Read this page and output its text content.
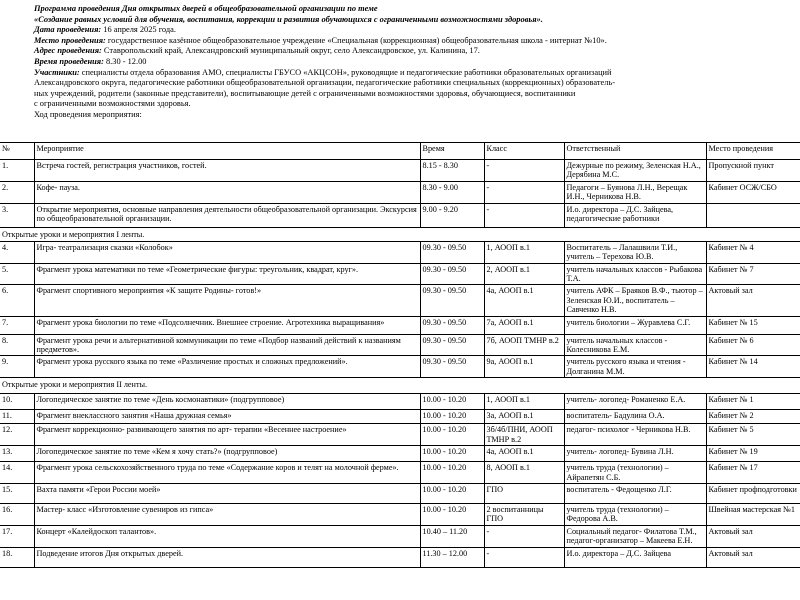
Программа проведения Дня открытых дверей в общеобразовательной организации по теме

«Создание равных условий для обучения, воспитания, коррекции и развития обучающихся с ограниченными возможностями здоровья».

Дата проведения: 16 апреля 2025 года.

Место проведения: государственное казённое общеобразовательное учреждение «Специальная (коррекционная) общеобразовательная школа - интернат №10».

Адрес проведения: Ставропольский край, Александровский муниципальный округ, село Александровское, ул. Калинина, 17.

Время проведения: 8.30 - 12.00

Участники: специалисты отдела образования АМО, специалисты ГБУСО «АКЦСОН», руководящие и педагогические работники образовательных организаций

Александровского округа, педагогические работники общеобразовательной организации, педагогические работники специальных (коррекционных) образователь-

ных учреждений, родители (законные представители), воспитывающие детей с ограниченными возможностями здоровья, обучающиеся, воспитанники

с ограниченными возможностями здоровья.

Ход проведения мероприятия:

№	Мероприятие	Время	Класс	Ответственный	Место проведения
1.	Встреча гостей, регистрация участников, гостей.	8.15 - 8.30	-	Дежурные по режиму, Зеленская Н.А., Дерябина М.С.	Пропускной пункт
2.	Кофе- пауза.	8.30 - 9.00	-	Педагоги – Буянова Л.Н., Верещак И.Н., Черникова Н.В.	Кабинет ОСЖ/СБО
3.	Открытие мероприятия, основные направления деятельности общеобразовательной организации. Экскурсия по общеобразовательной организации.	9.00 - 9.20	-	И.о. директора – Д.С. Зайцева, педагогические работники	
Открытые уроки и мероприятия I ленты.					
4.	Игра- театрализация сказки «Колобок»	09.30 - 09.50	1, АООП в.1	Воспитатель – Лалашвили Т.И., учитель – Терехова Ю.В.	Кабинет № 4
5.	Фрагмент урока математики по теме «Геометрические фигуры: треугольник, квадрат, круг».	09.30 - 09.50	2, АООП в.1	учитель начальных классов - Рыбакова Т.А.	Кабинет № 7
6.	Фрагмент спортивного мероприятия «К защите Родины- готов!»	09.30 - 09.50	4а, АООП в.1	учитель АФК – Браяков В.Ф., тьютор – Зеленская Ю.И., воспитатель – Савченко Н.В.	Актовый зал
7.	Фрагмент урока биологии по теме «Подсолнечник. Внешнее строение. Агротехника выращивания»	09.30 - 09.50	7а, АООП в.1	учитель биологии – Журавлева С.Г.	Кабинет № 15
8.	Фрагмент урока речи и альтернативной коммуникации по теме «Подбор названий действий к названиям предметов».	09.30 - 09.50	7б, АООП ТМНР в.2	учитель начальных классов - Колесникова Е.М.	Кабинет № 6
9.	Фрагмент урока русского языка по теме «Различение простых и сложных предложений».	09.30 - 09.50	9а, АООП в.1	учитель русского языка и чтения - Долганина М.М.	Кабинет № 14
Открытые уроки и мероприятия II ленты.					
10.	Логопедическое занятие по теме «День космонавтики» (подгрупповое)	10.00 - 10.20	1, АООП в.1	учитель- логопед- Романенко Е.А.	Кабинет № 1
11.	Фрагмент внеклассного занятия «Наша дружная семья»	10.00 - 10.20	3а, АООП в.1	воспитатель- Бадулина О.А.	Кабинет № 2
12.	Фрагмент коррекционно- развивающего занятия по арт- терапии «Весеннее настроение»	10.00 - 10.20	3б/4б/ПНИ, АООП ТМНР в.2	педагог- психолог - Черникова Н.В.	Кабинет № 5
13.	Логопедическое занятие по теме «Кем я хочу стать?» (подгрупповое)	10.00 - 10.20	4а, АООП в.1	учитель- логопед- Бувина Л.Н.	Кабинет № 19
14.	Фрагмент урока сельскохозяйственного труда по теме «Содержание коров и телят на молочной ферме».	10.00 - 10.20	8, АООП в.1	учитель труда (технологии) – Айрапетян С.Б.	Кабинет № 17
15.	Вахта памяти «Герои России моей»	10.00 - 10.20	ГПО	воспитатель - Федощенко Л.Г.	Кабинет профподготовки
16.	Мастер- класс «Изготовление сувениров из гипса»	10.00 - 10.20	2 воспитанницы ГПО	учитель труда (технологии) – Федорова А.В.	Швейная мастерская №1
17.	Концерт «Калейдоскоп талантов».	10.40 – 11.20	-	Социальный педагог- Филатова Т.М., педагог-организатор – Макеева Е.Н.	Актовый зал
18.	Подведение итогов Дня открытых дверей.	11.30 – 12.00	-	И.о. директора – Д.С. Зайцева	Актовый зал
